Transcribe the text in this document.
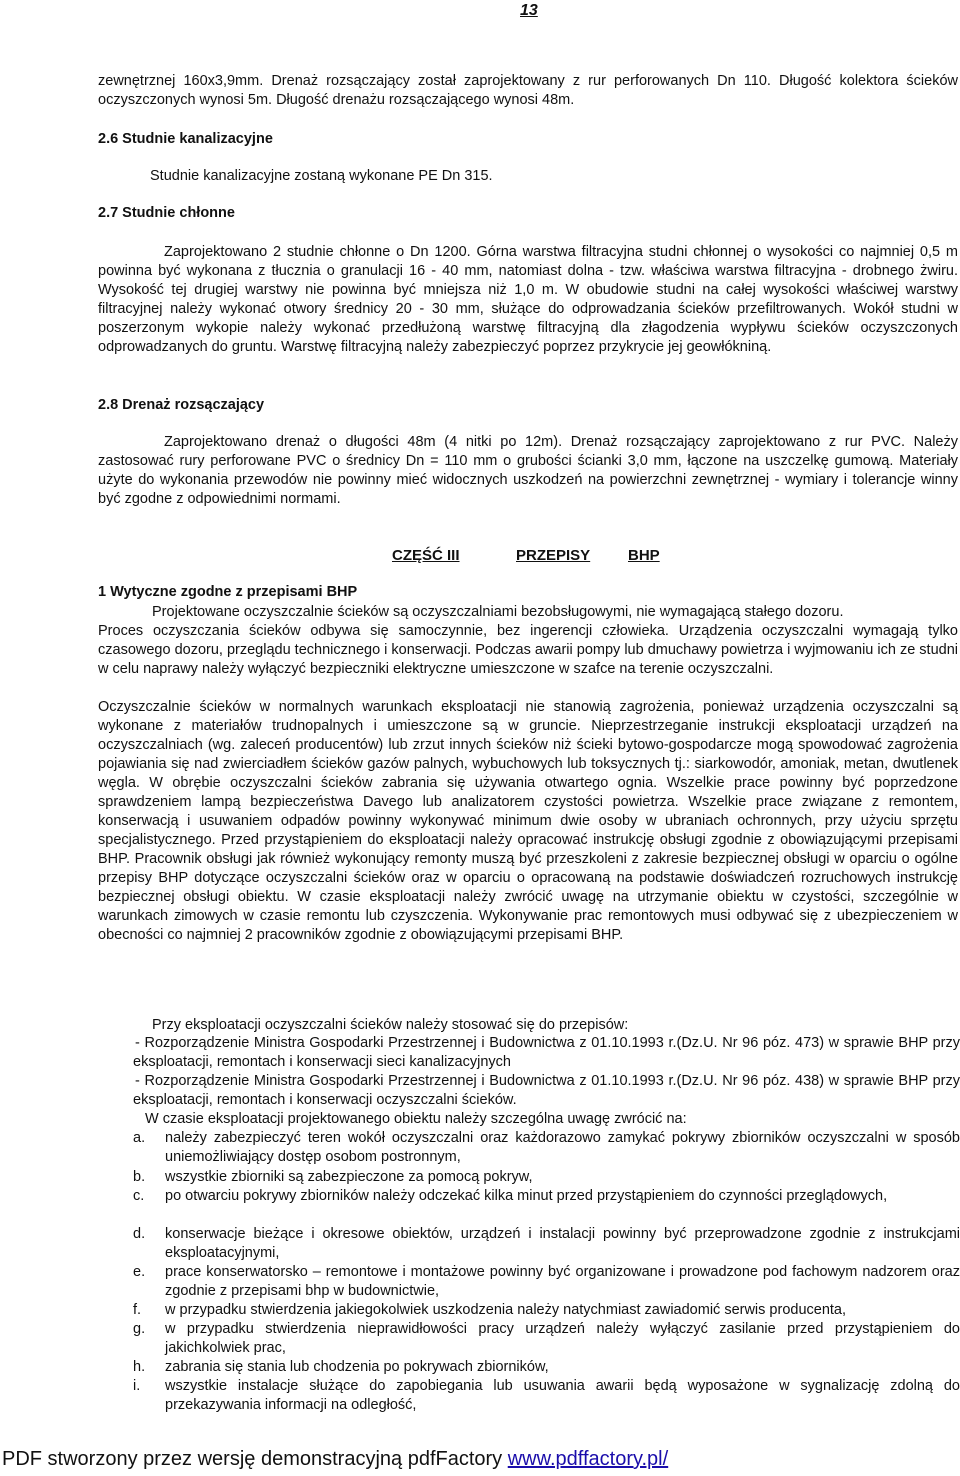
13
zewnętrznej 160x3,9mm. Drenaż rozsączający został zaprojektowany z rur perforowanych Dn 110. Długość kolektora ścieków oczyszczonych wynosi 5m. Długość drenażu rozsączającego wynosi 48m.
2.6 Studnie kanalizacyjne
Studnie kanalizacyjne zostaną wykonane PE Dn 315.
2.7 Studnie chłonne
Zaprojektowano 2 studnie chłonne o Dn 1200. Górna warstwa filtracyjna studni chłonnej o wysokości co najmniej 0,5 m powinna być wykonana z tłucznia o granulacji 16 - 40 mm, natomiast dolna - tzw. właściwa warstwa filtracyjna - drobnego żwiru. Wysokość tej drugiej warstwy nie powinna być mniejsza niż 1,0 m. W obudowie studni na całej wysokości właściwej warstwy filtracyjnej należy wykonać otwory średnicy 20 - 30 mm, służące do odprowadzania ścieków przefiltrowanych. Wokół studni w poszerzonym wykopie należy wykonać przedłużoną warstwę filtracyjną dla złagodzenia wypływu ścieków oczyszczonych odprowadzanych do gruntu. Warstwę filtracyjną należy zabezpieczyć poprzez przykrycie jej geowłókniną.
2.8 Drenaż rozsączający
Zaprojektowano drenaż o długości 48m (4 nitki po 12m). Drenaż rozsączający zaprojektowano z rur PVC. Należy zastosować rury perforowane PVC o średnicy Dn = 110 mm o grubości ścianki 3,0 mm, łączone na uszczelkę gumową. Materiały użyte do wykonania przewodów nie powinny mieć widocznych uszkodzeń na powierzchni zewnętrznej - wymiary i tolerancje winny być zgodne z odpowiednimi normami.
CZĘŚĆ III	PRZEPISY	BHP
1 Wytyczne zgodne z przepisami BHP
Projektowane oczyszczalnie ścieków są oczyszczalniami bezobsługowymi, nie wymagającą stałego dozoru.
Proces oczyszczania ścieków odbywa się samoczynnie, bez ingerencji człowieka. Urządzenia oczyszczalni wymagają tylko czasowego dozoru, przeglądu technicznego i konserwacji. Podczas awarii pompy lub dmuchawy powietrza i wyjmowaniu ich ze studni w celu naprawy należy wyłączyć bezpieczniki elektryczne umieszczone w szafce na terenie oczyszczalni.
Oczyszczalnie ścieków w normalnych warunkach eksploatacji nie stanowią zagrożenia, ponieważ urządzenia oczyszczalni są wykonane z materiałów trudnopalnych i umieszczone są w gruncie. Nieprzestrzeganie instrukcji eksploatacji urządzeń na oczyszczalniach (wg. zaleceń producentów) lub zrzut innych ścieków niż ścieki bytowo-gospodarcze mogą spowodować zagrożenia pojawiania się nad zwierciadłem ścieków gazów palnych, wybuchowych lub toksycznych tj.: siarkowodór, amoniak, metan, dwutlenek węgla. W obrębie oczyszczalni ścieków zabrania się używania otwartego ognia. Wszelkie prace powinny być poprzedzone sprawdzeniem lampą bezpieczeństwa Davego lub analizatorem czystości powietrza. Wszelkie prace związane z remontem, konserwacją i usuwaniem odpadów powinny wykonywać minimum dwie osoby w ubraniach ochronnych, przy użyciu sprzętu specjalistycznego. Przed przystąpieniem do eksploatacji należy opracować instrukcję obsługi zgodnie z obowiązującymi przepisami BHP. Pracownik obsługi jak również wykonujący remonty muszą być przeszkoleni z zakresie bezpiecznej obsługi w oparciu o ogólne przepisy BHP dotyczące oczyszczalni ścieków oraz w oparciu o opracowaną na podstawie doświadczeń rozruchowych instrukcję bezpiecznej obsługi obiektu. W czasie eksploatacji należy zwrócić uwagę na utrzymanie obiektu w czystości, szczególnie w warunkach zimowych w czasie remontu lub czyszczenia. Wykonywanie prac remontowych musi odbywać się z ubezpieczeniem w obecności co najmniej 2 pracowników zgodnie z obowiązującymi przepisami BHP.
Przy eksploatacji oczyszczalni ścieków należy stosować się do przepisów:
- Rozporządzenie Ministra Gospodarki Przestrzennej i Budownictwa z 01.10.1993 r.(Dz.U. Nr 96 póz. 473) w sprawie BHP przy eksploatacji, remontach i konserwacji sieci kanalizacyjnych
- Rozporządzenie Ministra Gospodarki Przestrzennej i Budownictwa z 01.10.1993 r.(Dz.U. Nr 96 póz. 438) w sprawie BHP przy eksploatacji, remontach i konserwacji oczyszczalni ścieków.
W czasie eksploatacji projektowanego obiektu należy szczególna uwagę zwrócić na:
a. należy zabezpieczyć teren wokół oczyszczalni oraz każdorazowo zamykać pokrywy zbiorników oczyszczalni w sposób uniemożliwiający dostęp osobom postronnym,
b. wszystkie zbiorniki są zabezpieczone za pomocą pokryw,
c. po otwarciu pokrywy zbiorników należy odczekać kilka minut przed przystąpieniem do czynności przeglądowych,
d. konserwacje bieżące i okresowe obiektów, urządzeń i instalacji powinny być przeprowadzone zgodnie z instrukcjami eksploatacyjnymi,
e. prace konserwatorsko – remontowe i montażowe powinny być organizowane i prowadzone pod fachowym nadzorem oraz zgodnie z przepisami bhp w budownictwie,
f. w przypadku stwierdzenia jakiegokolwiek uszkodzenia należy natychmiast zawiadomić serwis producenta,
g. w przypadku stwierdzenia nieprawidłowości pracy urządzeń należy wyłączyć zasilanie przed przystąpieniem do jakichkolwiek prac,
h. zabrania się stania lub chodzenia po pokrywach zbiorników,
i. wszystkie instalacje służące do zapobiegania lub usuwania awarii będą wyposażone w sygnalizację zdolną do przekazywania informacji na odległość,
PDF stworzony przez wersję demonstracyjną pdfFactory www.pdffactory.pl/
